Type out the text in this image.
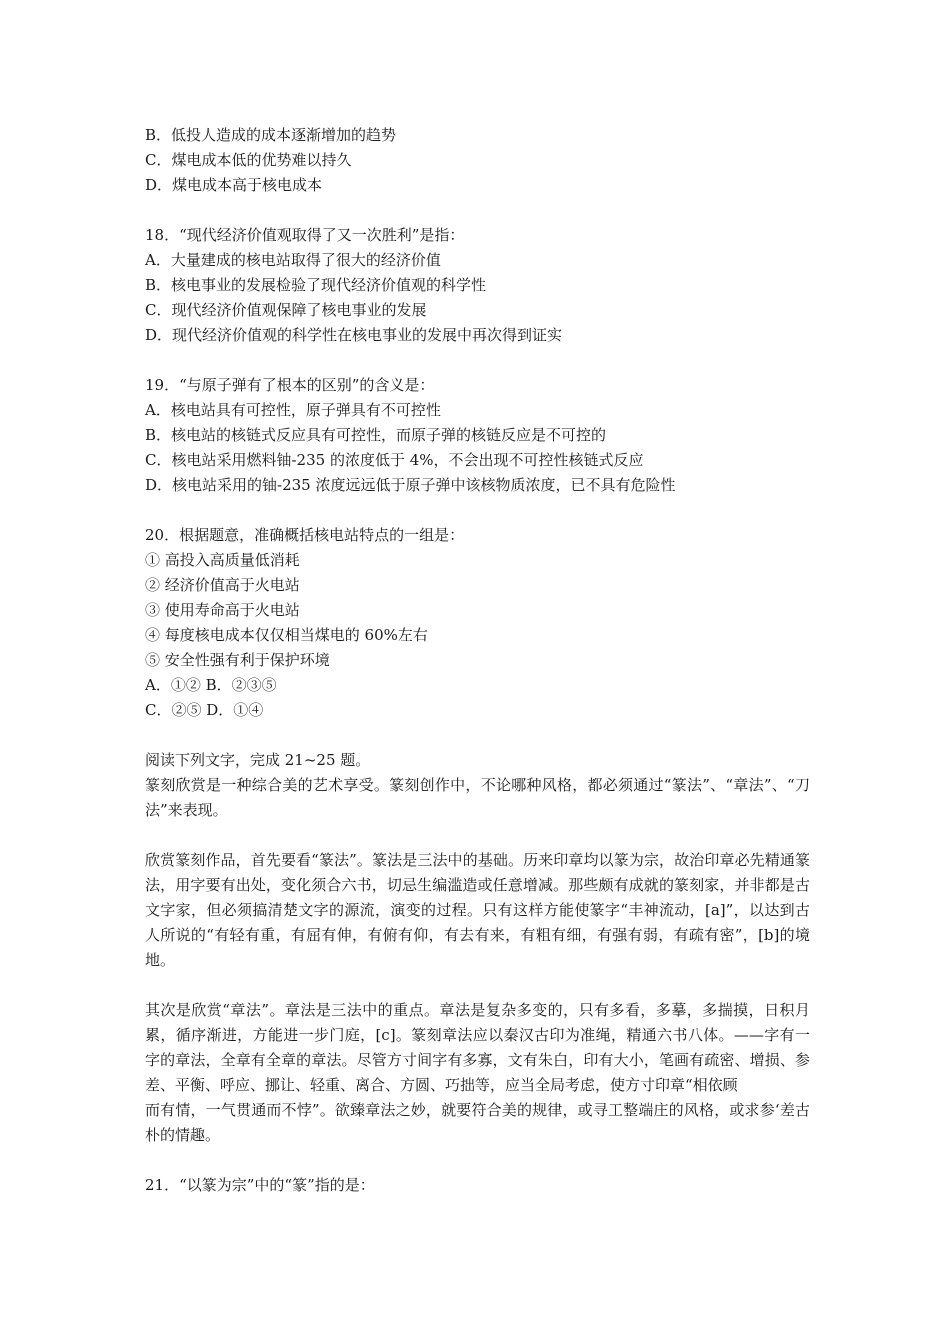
B．低投人造成的成本逐渐增加的趋势
C．煤电成本低的优势难以持久
D．煤电成本高于核电成本
18．“现代经济价值观取得了又一次胜利”是指：
A．大量建成的核电站取得了很大的经济价值
B．核电事业的发展检验了现代经济价值观的科学性
C．现代经济价值观保障了核电事业的发展
D．现代经济价值观的科学性在核电事业的发展中再次得到证实
19．“与原子弹有了根本的区别”的含义是：
A．核电站具有可控性，原子弹具有不可控性
B．核电站的核链式反应具有可控性，而原子弹的核链反应是不可控的
C．核电站采用燃料铀-235 的浓度低于 4%，不会出现不可控性核链式反应
D．核电站采用的铀-235 浓度远远低于原子弹中该核物质浓度，已不具有危险性
20．根据题意，准确概括核电站特点的一组是：
① 高投入高质量低消耗
② 经济价值高于火电站
③ 使用寿命高于火电站
④ 每度核电成本仅仅相当煤电的 60%左右
⑤ 安全性强有利于保护环境
A．①② B．②③⑤
C．②⑤ D．①④
阅读下列文字，完成 21~25 题。
篆刻欣赏是一种综合美的艺术享受。篆刻创作中，不论哪种风格，都必须通过“篆法”、“章法”、“刀法”来表现。
欣赏篆刻作品，首先要看“篆法”。篆法是三法中的基础。历来印章均以篆为宗，故治印章必先精通篆法，用字要有出处，变化须合六书，切忌生编滥造或任意增减。那些颇有成就的篆刻家，并非都是古文字家，但必须搞清楚文字的源流，演变的过程。只有这样方能使篆字“丰神流动，[a]”，以达到古人所说的“有轻有重，有屈有伸，有俯有仰，有去有来，有粗有细，有强有弱，有疏有密”，[b]的境地。
其次是欣赏“章法”。章法是三法中的重点。章法是复杂多变的，只有多看，多摹，多揣摸，日积月累，循序渐进，方能进一步门庭，[c]。篆刻章法应以秦汉古印为准绳，精通六书八体。——字有一字的章法，全章有全章的章法。尽管方寸间字有多寡，文有朱白，印有大小，笔画有疏密、增损、参差、平衡、呼应、挪让、轻重、离合、方圆、巧拙等，应当全局考虑，使方寸印章“相依顾
而有情，一气贯通而不悖”。欲臻章法之妙，就要符合美的规律，或寻工整端庄的风格，或求参‘差古朴的情趣。
21．“以篆为宗”中的“篆”指的是：
